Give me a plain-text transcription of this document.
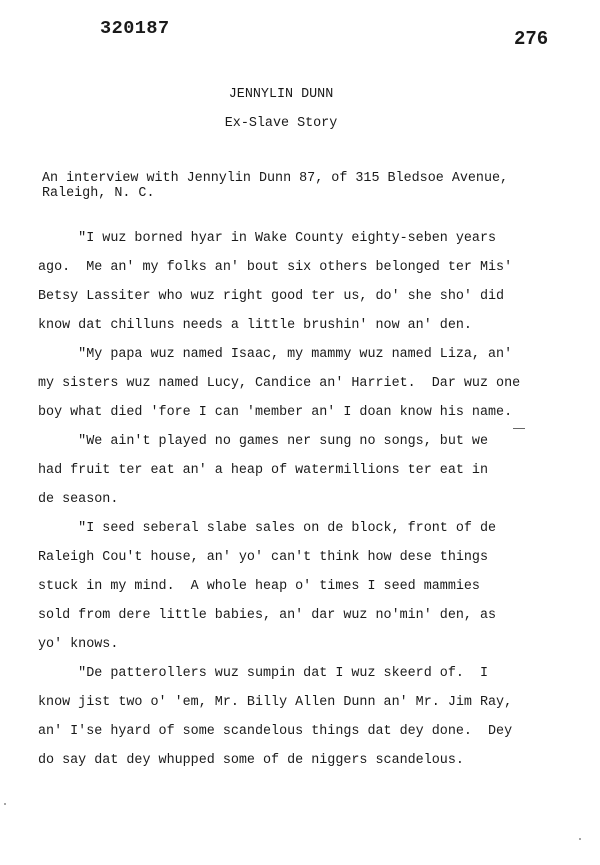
320187	276
JENNYLIN DUNN
Ex-Slave Story
An interview with Jennylin Dunn 87, of 315 Bledsoe Avenue,
Raleigh, N. C.
"I wuz borned hyar in Wake County eighty-seben years
ago.  Me an' my folks an' bout six others belonged ter Mis'
Betsy Lassiter who wuz right good ter us, do' she sho' did
know dat chilluns needs a little brushin' now an' den.
"My papa wuz named Isaac, my mammy wuz named Liza, an'
my sisters wuz named Lucy, Candice an' Harriet.  Dar wuz one
boy what died 'fore I can 'member an' I doan know his name.
"We ain't played no games ner sung no songs, but we
had fruit ter eat an' a heap of watermillions ter eat in
de season.
"I seed seberal slabe sales on de block, front of de
Raleigh Cou't house, an' yo' can't think how dese things
stuck in my mind.  A whole heap o' times I seed mammies
sold from dere little babies, an' dar wuz no'min' den, as
yo' knows.
"De patterollers wuz sumpin dat I wuz skeerd of.  I
know jist two o' 'em, Mr. Billy Allen Dunn an' Mr. Jim Ray,
an' I'se hyard of some scandelous things dat dey done.  Dey
do say dat dey whupped some of de niggers scandelous.
